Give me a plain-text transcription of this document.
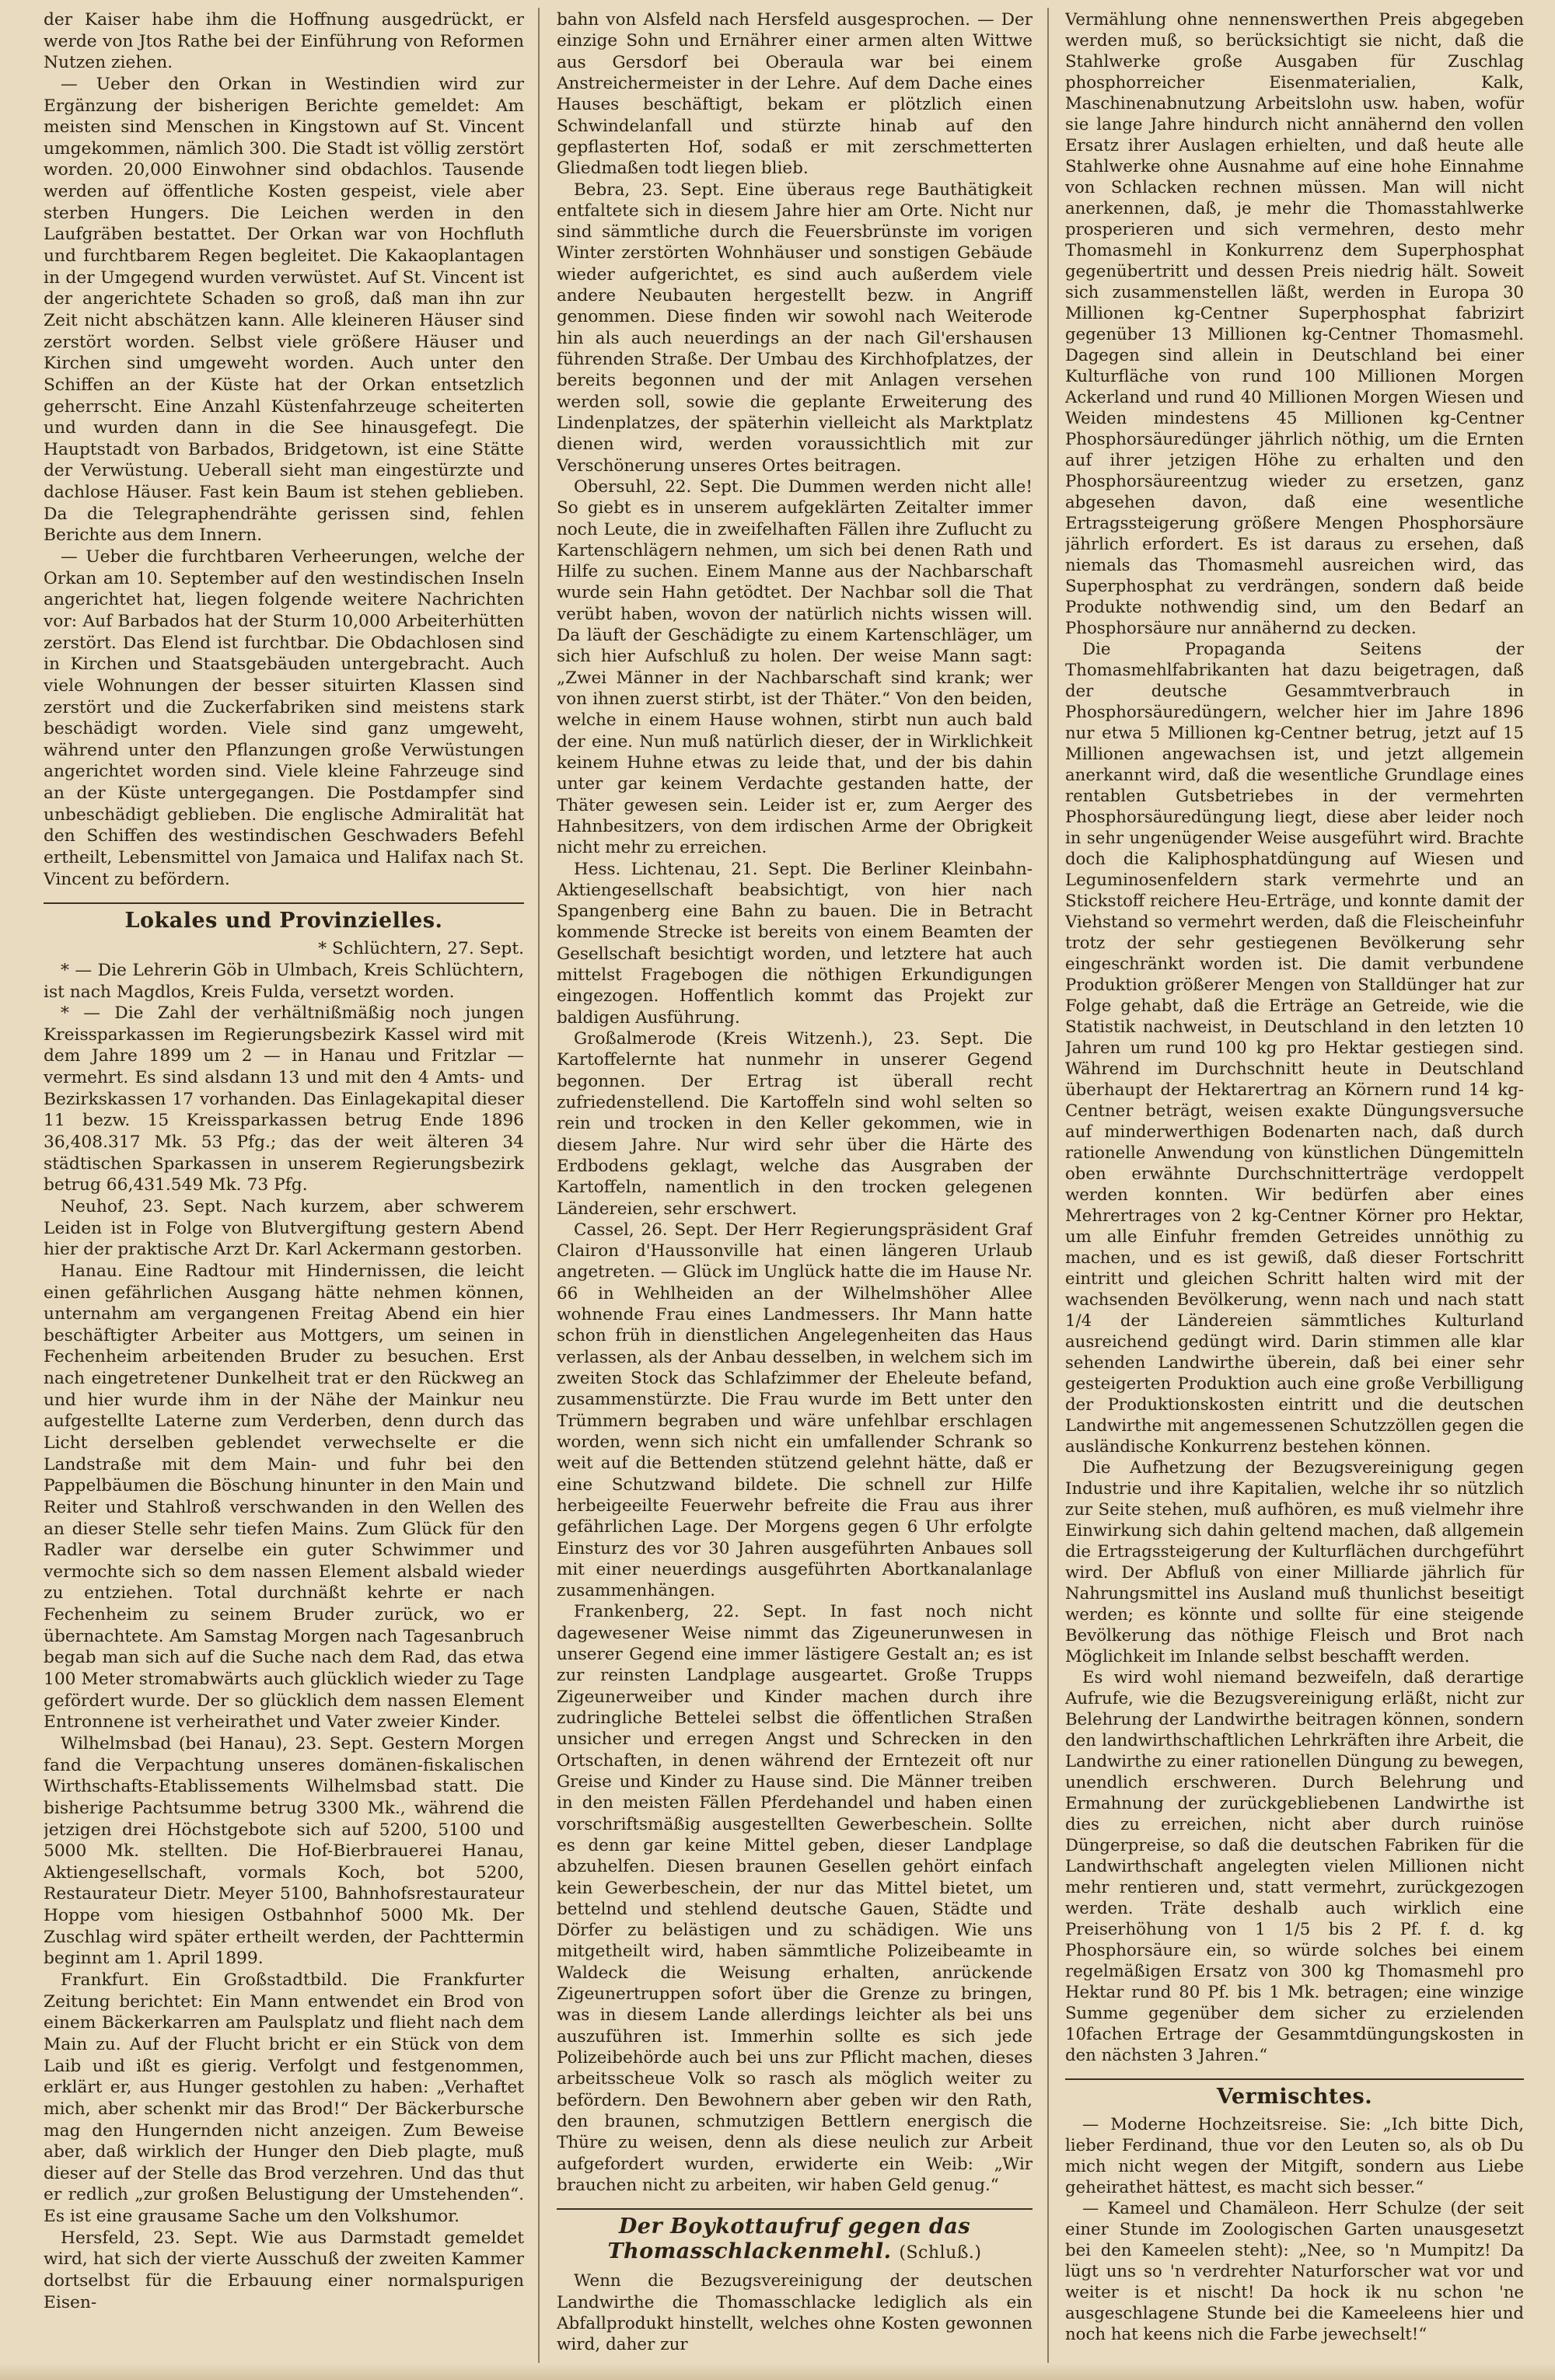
der Kaiser habe ihm die Hoffnung ausgedrückt, er werde von Jtos Rathe bei der Einführung von Reformen Nutzen ziehen.

— Ueber den Orkan in Westindien wird zur Ergänzung der bisherigen Berichte gemeldet: Am meisten sind Menschen in Kingstown auf St. Vincent umgekommen, nämlich 300. Die Stadt ist völlig zerstört worden. 20,000 Einwohner sind obdachlos. Tausende werden auf öffentliche Kosten gespeist, viele aber sterben Hungers. Die Leichen werden in den Laufgräben bestattet. Der Orkan war von Hochfluth und furchtbarem Regen begleitet. Die Kakaoplantagen in der Umgegend wurden verwüstet. Auf St. Vincent ist der angerichtete Schaden so groß, daß man ihn zur Zeit nicht abschätzen kann. Alle kleineren Häuser sind zerstört worden. Selbst viele größere Häuser und Kirchen sind umgeweht worden. Auch unter den Schiffen an der Küste hat der Orkan entsetzlich geherrscht. Eine Anzahl Küstenfahrzeuge scheiterten und wurden dann in die See hinausgefegt. Die Hauptstadt von Barbados, Bridgetown, ist eine Stätte der Verwüstung. Ueberall sieht man eingestürzte und dachlose Häuser. Fast kein Baum ist stehen geblieben. Da die Telegraphendrähte gerissen sind, fehlen Berichte aus dem Innern.

— Ueber die furchtbaren Verheerungen, welche der Orkan am 10. September auf den westindischen Inseln angerichtet hat, liegen folgende weitere Nachrichten vor: Auf Barbados hat der Sturm 10,000 Arbeiterhütten zerstört. Das Elend ist furchtbar. Die Obdachlosen sind in Kirchen und Staatsgebäuden untergebracht. Auch viele Wohnungen der besser situirten Klassen sind zerstört und die Zuckerfabriken sind meistens stark beschädigt worden. Viele sind ganz umgeweht, während unter den Pflanzungen große Verwüstungen angerichtet worden sind. Viele kleine Fahrzeuge sind an der Küste untergegangen. Die Postdampfer sind unbeschädigt geblieben. Die englische Admiralität hat den Schiffen des westindischen Geschwaders Befehl ertheilt, Lebensmittel von Jamaica und Halifax nach St. Vincent zu befördern.

Lokales und Provinzielles.

* Schlüchtern, 27. Sept.

* — Die Lehrerin Göb in Ulmbach, Kreis Schlüchtern, ist nach Magdlos, Kreis Fulda, versetzt worden.

* — Die Zahl der verhältnißmäßig noch jungen Kreissparkassen im Regierungsbezirk Kassel wird mit dem Jahre 1899 um 2 — in Hanau und Fritzlar — vermehrt. Es sind alsdann 13 und mit den 4 Amts- und Bezirkskassen 17 vorhanden. Das Einlagekapital dieser 11 bezw. 15 Kreissparkassen betrug Ende 1896 36,408.317 Mk. 53 Pfg.; das der weit älteren 34 städtischen Sparkassen in unserem Regierungsbezirk betrug 66,431.549 Mk. 73 Pfg.

Neuhof, 23. Sept. Nach kurzem, aber schwerem Leiden ist in Folge von Blutvergiftung gestern Abend hier der praktische Arzt Dr. Karl Ackermann gestorben.

Hanau. Eine Radtour mit Hindernissen, die leicht einen gefährlichen Ausgang hätte nehmen können, unternahm am vergangenen Freitag Abend ein hier beschäftigter Arbeiter aus Mottgers, um seinen in Fechenheim arbeitenden Bruder zu besuchen. Erst nach eingetretener Dunkelheit trat er den Rückweg an und hier wurde ihm in der Nähe der Mainkur neu aufgestellte Laterne zum Verderben, denn durch das Licht derselben geblendet verwechselte er die Landstraße mit dem Main- und fuhr bei den Pappelbäumen die Böschung hinunter in den Main und Reiter und Stahlroß verschwanden in den Wellen des an dieser Stelle sehr tiefen Mains. Zum Glück für den Radler war derselbe ein guter Schwimmer und vermochte sich so dem nassen Element alsbald wieder zu entziehen. Total durchnäßt kehrte er nach Fechenheim zu seinem Bruder zurück, wo er übernachtete. Am Samstag Morgen nach Tagesanbruch begab man sich auf die Suche nach dem Rad, das etwa 100 Meter stromabwärts auch glücklich wieder zu Tage gefördert wurde. Der so glücklich dem nassen Element Entronnene ist verheirathet und Vater zweier Kinder.

Wilhelmsbad (bei Hanau), 23. Sept. Gestern Morgen fand die Verpachtung unseres domänen-fiskalischen Wirthschafts-Etablissements Wilhelmsbad statt. Die bisherige Pachtsumme betrug 3300 Mk., während die jetzigen drei Höchstgebote sich auf 5200, 5100 und 5000 Mk. stellten. Die Hof-Bierbrauerei Hanau, Aktiengesellschaft, vormals Koch, bot 5200, Restaurateur Dietr. Meyer 5100, Bahnhofsrestaurateur Hoppe vom hiesigen Ostbahnhof 5000 Mk. Der Zuschlag wird später ertheilt werden, der Pachttermin beginnt am 1. April 1899.

Frankfurt. Ein Großstadtbild. Die Frankfurter Zeitung berichtet: Ein Mann entwendet ein Brod von einem Bäckerkarren am Paulsplatz und flieht nach dem Main zu. Auf der Flucht bricht er ein Stück von dem Laib und ißt es gierig. Verfolgt und festgenommen, erklärt er, aus Hunger gestohlen zu haben: „Verhaftet mich, aber schenkt mir das Brod!“ Der Bäckerbursche mag den Hungernden nicht anzeigen. Zum Beweise aber, daß wirklich der Hunger den Dieb plagte, muß dieser auf der Stelle das Brod verzehren. Und das thut er redlich „zur großen Belustigung der Umstehenden“. Es ist eine grausame Sache um den Volkshumor.

Hersfeld, 23. Sept. Wie aus Darmstadt gemeldet wird, hat sich der vierte Ausschuß der zweiten Kammer dortselbst für die Erbauung einer normalspurigen Eisen-

bahn von Alsfeld nach Hersfeld ausgesprochen. — Der einzige Sohn und Ernährer einer armen alten Wittwe aus Gersdorf bei Oberaula war bei einem Anstreichermeister in der Lehre. Auf dem Dache eines Hauses beschäftigt, bekam er plötzlich einen Schwindelanfall und stürzte hinab auf den gepflasterten Hof, sodaß er mit zerschmetterten Gliedmaßen todt liegen blieb.

Bebra, 23. Sept. Eine überaus rege Bauthätigkeit entfaltete sich in diesem Jahre hier am Orte. Nicht nur sind sämmtliche durch die Feuersbrünste im vorigen Winter zerstörten Wohnhäuser und sonstigen Gebäude wieder aufgerichtet, es sind auch außerdem viele andere Neubauten hergestellt bezw. in Angriff genommen. Diese finden wir sowohl nach Weiterode hin als auch neuerdings an der nach Gil'ershausen führenden Straße. Der Umbau des Kirchhofplatzes, der bereits begonnen und der mit Anlagen versehen werden soll, sowie die geplante Erweiterung des Lindenplatzes, der späterhin vielleicht als Marktplatz dienen wird, werden voraussichtlich mit zur Verschönerung unseres Ortes beitragen.

Obersuhl, 22. Sept. Die Dummen werden nicht alle! So giebt es in unserem aufgeklärten Zeitalter immer noch Leute, die in zweifelhaften Fällen ihre Zuflucht zu Kartenschlägern nehmen, um sich bei denen Rath und Hilfe zu suchen. Einem Manne aus der Nachbarschaft wurde sein Hahn getödtet. Der Nachbar soll die That verübt haben, wovon der natürlich nichts wissen will. Da läuft der Geschädigte zu einem Kartenschläger, um sich hier Aufschluß zu holen. Der weise Mann sagt: „Zwei Männer in der Nachbarschaft sind krank; wer von ihnen zuerst stirbt, ist der Thäter.“ Von den beiden, welche in einem Hause wohnen, stirbt nun auch bald der eine. Nun muß natürlich dieser, der in Wirklichkeit keinem Huhne etwas zu leide that, und der bis dahin unter gar keinem Verdachte gestanden hatte, der Thäter gewesen sein. Leider ist er, zum Aerger des Hahnbesitzers, von dem irdischen Arme der Obrigkeit nicht mehr zu erreichen.

Hess. Lichtenau, 21. Sept. Die Berliner Kleinbahn-Aktiengesellschaft beabsichtigt, von hier nach Spangenberg eine Bahn zu bauen. Die in Betracht kommende Strecke ist bereits von einem Beamten der Gesellschaft besichtigt worden, und letztere hat auch mittelst Fragebogen die nöthigen Erkundigungen eingezogen. Hoffentlich kommt das Projekt zur baldigen Ausführung.

Großalmerode (Kreis Witzenh.), 23. Sept. Die Kartoffelernte hat nunmehr in unserer Gegend begonnen. Der Ertrag ist überall recht zufriedenstellend. Die Kartoffeln sind wohl selten so rein und trocken in den Keller gekommen, wie in diesem Jahre. Nur wird sehr über die Härte des Erdbodens geklagt, welche das Ausgraben der Kartoffeln, namentlich in den trocken gelegenen Ländereien, sehr erschwert.

Cassel, 26. Sept. Der Herr Regierungspräsident Graf Clairon d'Haussonville hat einen längeren Urlaub angetreten. — Glück im Unglück hatte die im Hause Nr. 66 in Wehlheiden an der Wilhelmshöher Allee wohnende Frau eines Landmessers. Ihr Mann hatte schon früh in dienstlichen Angelegenheiten das Haus verlassen, als der Anbau desselben, in welchem sich im zweiten Stock das Schlafzimmer der Eheleute befand, zusammenstürzte. Die Frau wurde im Bett unter den Trümmern begraben und wäre unfehlbar erschlagen worden, wenn sich nicht ein umfallender Schrank so weit auf die Bettenden stützend gelehnt hätte, daß er eine Schutzwand bildete. Die schnell zur Hilfe herbeigeeilte Feuerwehr befreite die Frau aus ihrer gefährlichen Lage. Der Morgens gegen 6 Uhr erfolgte Einsturz des vor 30 Jahren ausgeführten Anbaues soll mit einer neuerdings ausgeführten Abortkanalanlage zusammenhängen.

Frankenberg, 22. Sept. In fast noch nicht dagewesener Weise nimmt das Zigeunerunwesen in unserer Gegend eine immer lästigere Gestalt an; es ist zur reinsten Landplage ausgeartet. Große Trupps Zigeunerweiber und Kinder machen durch ihre zudringliche Bettelei selbst die öffentlichen Straßen unsicher und erregen Angst und Schrecken in den Ortschaften, in denen während der Erntezeit oft nur Greise und Kinder zu Hause sind. Die Männer treiben in den meisten Fällen Pferdehandel und haben einen vorschriftsmäßig ausgestellten Gewerbeschein. Sollte es denn gar keine Mittel geben, dieser Landplage abzuhelfen. Diesen braunen Gesellen gehört einfach kein Gewerbeschein, der nur das Mittel bietet, um bettelnd und stehlend deutsche Gauen, Städte und Dörfer zu belästigen und zu schädigen. Wie uns mitgetheilt wird, haben sämmtliche Polizeibeamte in Waldeck die Weisung erhalten, anrückende Zigeunertruppen sofort über die Grenze zu bringen, was in diesem Lande allerdings leichter als bei uns auszuführen ist. Immerhin sollte es sich jede Polizeibehörde auch bei uns zur Pflicht machen, dieses arbeitsscheue Volk so rasch als möglich weiter zu befördern. Den Bewohnern aber geben wir den Rath, den braunen, schmutzigen Bettlern energisch die Thüre zu weisen, denn als diese neulich zur Arbeit aufgefordert wurden, erwiderte ein Weib: „Wir brauchen nicht zu arbeiten, wir haben Geld genug.“

Der Boykottaufruf gegen das Thomasschlackenmehl. (Schluß.)

Wenn die Bezugsvereinigung der deutschen Landwirthe die Thomasschlacke lediglich als ein Abfallprodukt hinstellt, welches ohne Kosten gewonnen wird, daher zur

Vermählung ohne nennenswerthen Preis abgegeben werden muß, so berücksichtigt sie nicht, daß die Stahlwerke große Ausgaben für Zuschlag phosphorreicher Eisenmaterialien, Kalk, Maschinenabnutzung Arbeitslohn usw. haben, wofür sie lange Jahre hindurch nicht annähernd den vollen Ersatz ihrer Auslagen erhielten, und daß heute alle Stahlwerke ohne Ausnahme auf eine hohe Einnahme von Schlacken rechnen müssen. Man will nicht anerkennen, daß, je mehr die Thomasstahlwerke prosperieren und sich vermehren, desto mehr Thomasmehl in Konkurrenz dem Superphosphat gegenübertritt und dessen Preis niedrig hält. Soweit sich zusammenstellen läßt, werden in Europa 30 Millionen kg-Centner Superphosphat fabrizirt gegenüber 13 Millionen kg-Centner Thomasmehl. Dagegen sind allein in Deutschland bei einer Kulturfläche von rund 100 Millionen Morgen Ackerland und rund 40 Millionen Morgen Wiesen und Weiden mindestens 45 Millionen kg-Centner Phosphorsäuredünger jährlich nöthig, um die Ernten auf ihrer jetzigen Höhe zu erhalten und den Phosphorsäureentzug wieder zu ersetzen, ganz abgesehen davon, daß eine wesentliche Ertragssteigerung größere Mengen Phosphorsäure jährlich erfordert. Es ist daraus zu ersehen, daß niemals das Thomasmehl ausreichen wird, das Superphosphat zu verdrängen, sondern daß beide Produkte nothwendig sind, um den Bedarf an Phosphorsäure nur annähernd zu decken.

Die Propaganda Seitens der Thomasmehlfabrikanten hat dazu beigetragen, daß der deutsche Gesammtverbrauch in Phosphorsäuredüngern, welcher hier im Jahre 1896 nur etwa 5 Millionen kg-Centner betrug, jetzt auf 15 Millionen angewachsen ist, und jetzt allgemein anerkannt wird, daß die wesentliche Grundlage eines rentablen Gutsbetriebes in der vermehrten Phosphorsäuredüngung liegt, diese aber leider noch in sehr ungenügender Weise ausgeführt wird. Brachte doch die Kaliphosphatdüngung auf Wiesen und Leguminosenfeldern stark vermehrte und an Stickstoff reichere Heu-Erträge, und konnte damit der Viehstand so vermehrt werden, daß die Fleischeinfuhr trotz der sehr gestiegenen Bevölkerung sehr eingeschränkt worden ist. Die damit verbundene Produktion größerer Mengen von Stalldünger hat zur Folge gehabt, daß die Erträge an Getreide, wie die Statistik nachweist, in Deutschland in den letzten 10 Jahren um rund 100 kg pro Hektar gestiegen sind. Während im Durchschnitt heute in Deutschland überhaupt der Hektarertrag an Körnern rund 14 kg-Centner beträgt, weisen exakte Düngungsversuche auf minderwerthigen Bodenarten nach, daß durch rationelle Anwendung von künstlichen Düngemitteln oben erwähnte Durchschnitterträge verdoppelt werden konnten. Wir bedürfen aber eines Mehrertrages von 2 kg-Centner Körner pro Hektar, um alle Einfuhr fremden Getreides unnöthig zu machen, und es ist gewiß, daß dieser Fortschritt eintritt und gleichen Schritt halten wird mit der wachsenden Bevölkerung, wenn nach und nach statt 1/4 der Ländereien sämmtliches Kulturland ausreichend gedüngt wird. Darin stimmen alle klar sehenden Landwirthe überein, daß bei einer sehr gesteigerten Produktion auch eine große Verbilligung der Produktionskosten eintritt und die deutschen Landwirthe mit angemessenen Schutzzöllen gegen die ausländische Konkurrenz bestehen können.

Die Aufhetzung der Bezugsvereinigung gegen Industrie und ihre Kapitalien, welche ihr so nützlich zur Seite stehen, muß aufhören, es muß vielmehr ihre Einwirkung sich dahin geltend machen, daß allgemein die Ertragssteigerung der Kulturflächen durchgeführt wird. Der Abfluß von einer Milliarde jährlich für Nahrungsmittel ins Ausland muß thunlichst beseitigt werden; es könnte und sollte für eine steigende Bevölkerung das nöthige Fleisch und Brot nach Möglichkeit im Inlande selbst beschafft werden.

Es wird wohl niemand bezweifeln, daß derartige Aufrufe, wie die Bezugsvereinigung erläßt, nicht zur Belehrung der Landwirthe beitragen können, sondern den landwirthschaftlichen Lehrkräften ihre Arbeit, die Landwirthe zu einer rationellen Düngung zu bewegen, unendlich erschweren. Durch Belehrung und Ermahnung der zurückgebliebenen Landwirthe ist dies zu erreichen, nicht aber durch ruinöse Düngerpreise, so daß die deutschen Fabriken für die Landwirthschaft angelegten vielen Millionen nicht mehr rentieren und, statt vermehrt, zurückgezogen werden. Träte deshalb auch wirklich eine Preiserhöhung von 1 1/5 bis 2 Pf. f. d. kg Phosphorsäure ein, so würde solches bei einem regelmäßigen Ersatz von 300 kg Thomasmehl pro Hektar rund 80 Pf. bis 1 Mk. betragen; eine winzige Summe gegenüber dem sicher zu erzielenden 10fachen Ertrage der Gesammtdüngungskosten in den nächsten 3 Jahren.“

Vermischtes.

— Moderne Hochzeitsreise. Sie: „Ich bitte Dich, lieber Ferdinand, thue vor den Leuten so, als ob Du mich nicht wegen der Mitgift, sondern aus Liebe geheirathet hättest, es macht sich besser.“

— Kameel und Chamäleon. Herr Schulze (der seit einer Stunde im Zoologischen Garten unausgesetzt bei den Kameelen steht): „Nee, so 'n Mumpitz! Da lügt uns so 'n verdrehter Naturforscher wat vor und weiter is et nischt! Da hock ik nu schon 'ne ausgeschlagene Stunde bei die Kameeleens hier und noch hat keens nich die Farbe jewechselt!“
